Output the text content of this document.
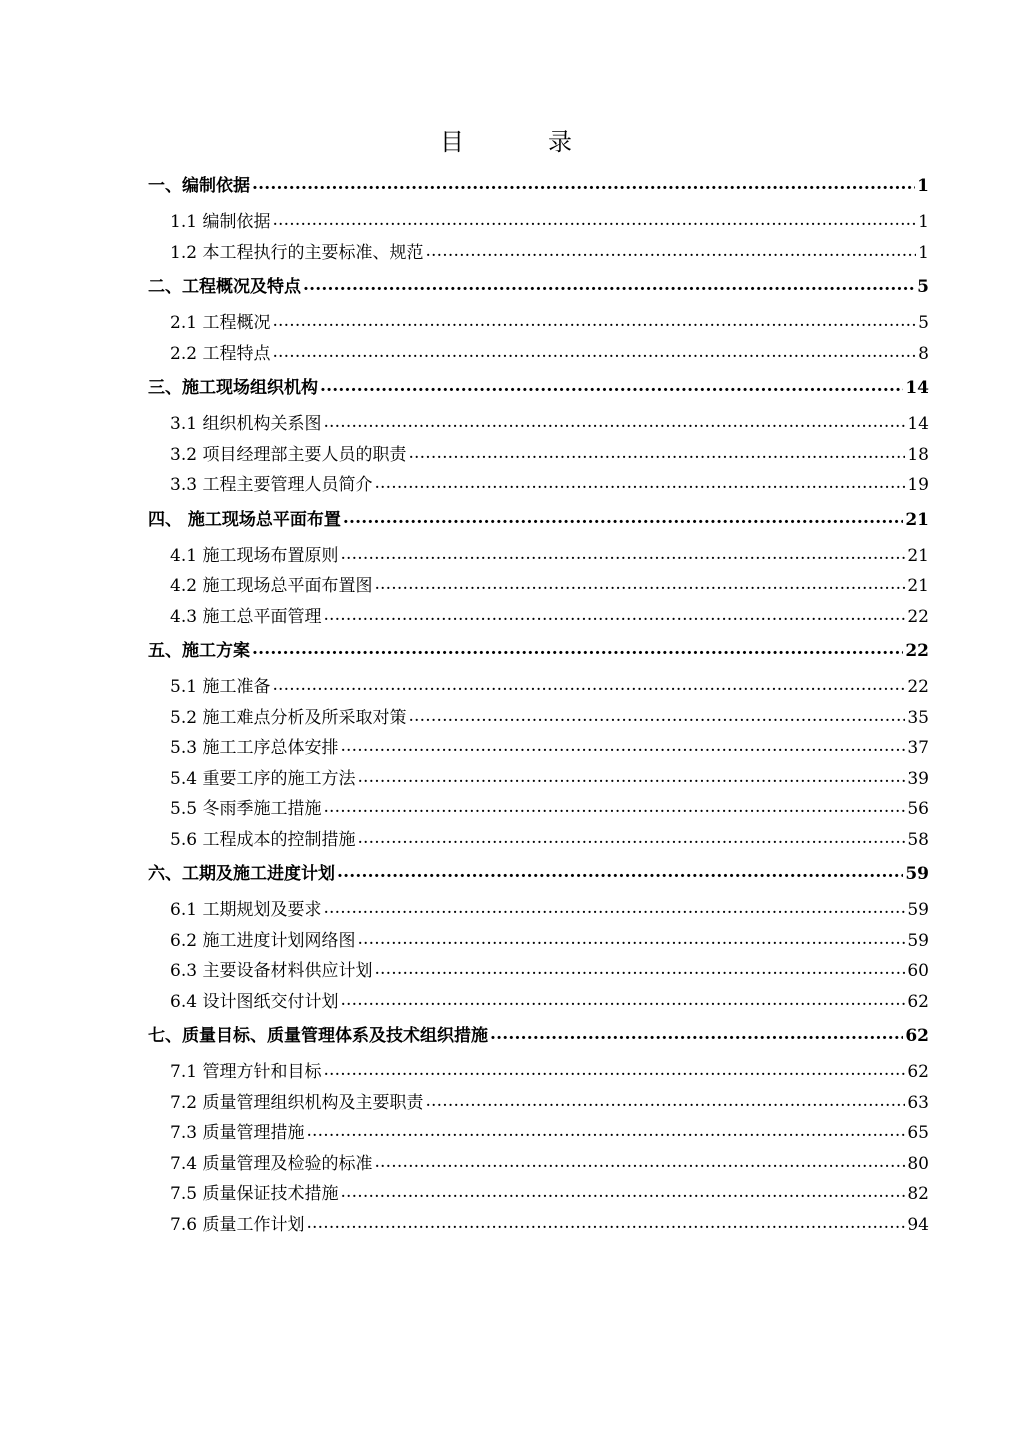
目	录
一、编制依据 .....	1
1.1 编制依据 .....	1
1.2 本工程执行的主要标准、规范 .....	1
二、工程概况及特点 .....	5
2.1 工程概况 .....	5
2.2 工程特点 .....	8
三、施工现场组织机构 .....	14
3.1 组织机构关系图 .....	14
3.2 项目经理部主要人员的职责 .....	18
3.3 工程主要管理人员简介 .....	19
四、 施工现场总平面布置 .....	21
4.1 施工现场布置原则 .....	21
4.2 施工现场总平面布置图 .....	21
4.3 施工总平面管理 .....	22
五、施工方案 .....	22
5.1 施工准备 .....	22
5.2 施工难点分析及所采取对策 .....	35
5.3 施工工序总体安排 .....	37
5.4 重要工序的施工方法 .....	39
5.5 冬雨季施工措施 .....	56
5.6 工程成本的控制措施 .....	58
六、工期及施工进度计划 .....	59
6.1 工期规划及要求 .....	59
6.2 施工进度计划网络图 .....	59
6.3 主要设备材料供应计划 .....	60
6.4 设计图纸交付计划 .....	62
七、质量目标、质量管理体系及技术组织措施 .....	62
7.1 管理方针和目标 .....	62
7.2 质量管理组织机构及主要职责 .....	63
7.3 质量管理措施 .....	65
7.4 质量管理及检验的标准 .....	80
7.5 质量保证技术措施 .....	82
7.6 质量工作计划 .....	94
